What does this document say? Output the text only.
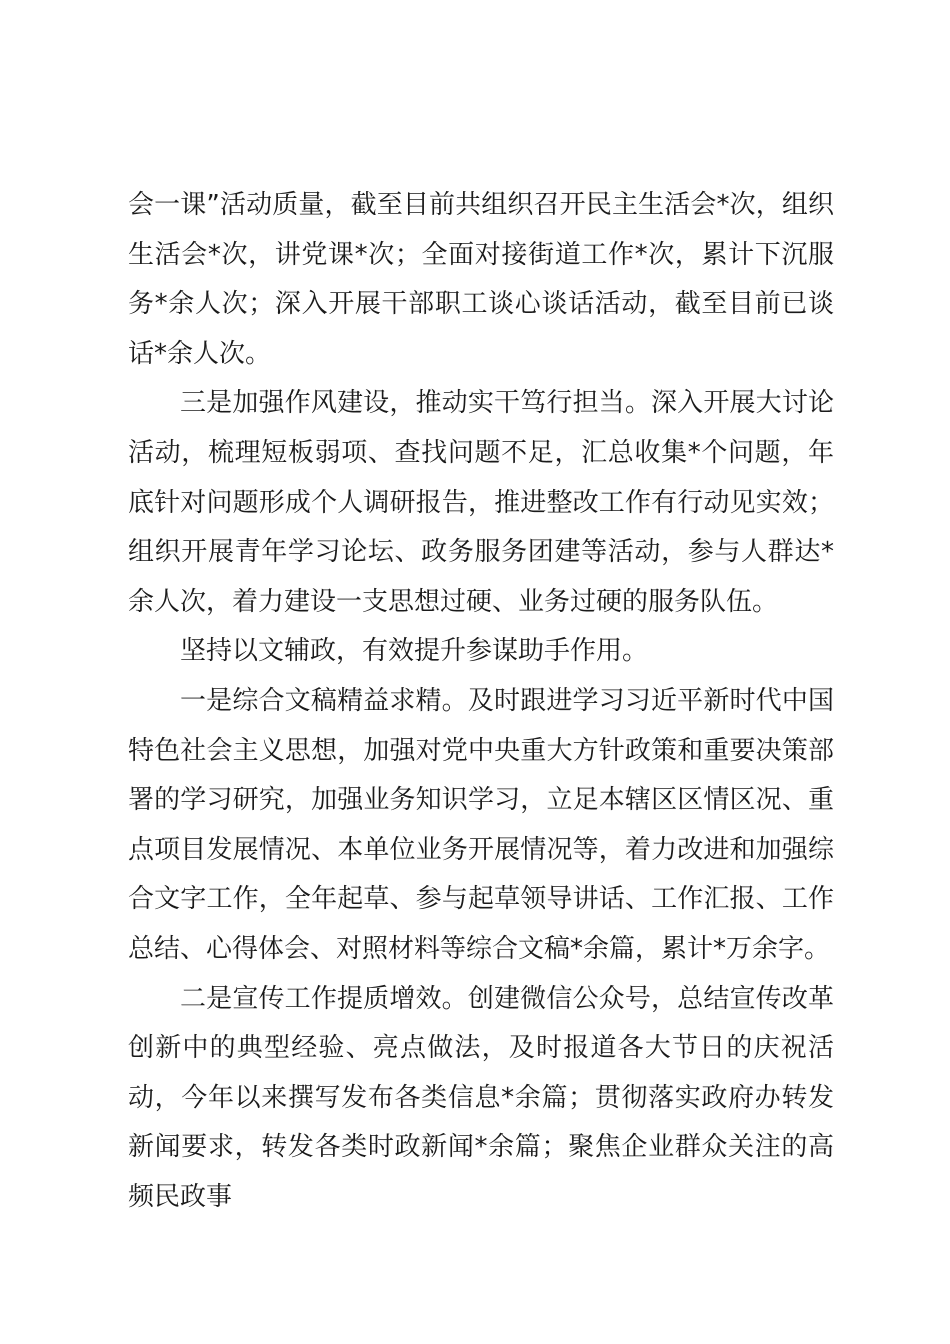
会一课”活动质量，截至目前共组织召开民主生活会*次，组织生活会*次，讲党课*次；全面对接街道工作*次，累计下沉服务*余人次；深入开展干部职工谈心谈话活动，截至目前已谈话*余人次。

三是加强作风建设，推动实干笃行担当。深入开展大讨论活动，梳理短板弱项、查找问题不足，汇总收集*个问题，年底针对问题形成个人调研报告，推进整改工作有行动见实效；组织开展青年学习论坛、政务服务团建等活动，参与人群达*余人次，着力建设一支思想过硬、业务过硬的服务队伍。

坚持以文辅政，有效提升参谋助手作用。

一是综合文稿精益求精。及时跟进学习习近平新时代中国特色社会主义思想，加强对党中央重大方针政策和重要决策部署的学习研究，加强业务知识学习，立足本辖区区情区况、重点项目发展情况、本单位业务开展情况等，着力改进和加强综合文字工作，全年起草、参与起草领导讲话、工作汇报、工作总结、心得体会、对照材料等综合文稿*余篇，累计*万余字。

二是宣传工作提质增效。创建微信公众号，总结宣传改革创新中的典型经验、亮点做法，及时报道各大节日的庆祝活动，今年以来撰写发布各类信息*余篇；贯彻落实政府办转发新闻要求，转发各类时政新闻*余篇；聚焦企业群众关注的高频民政事
